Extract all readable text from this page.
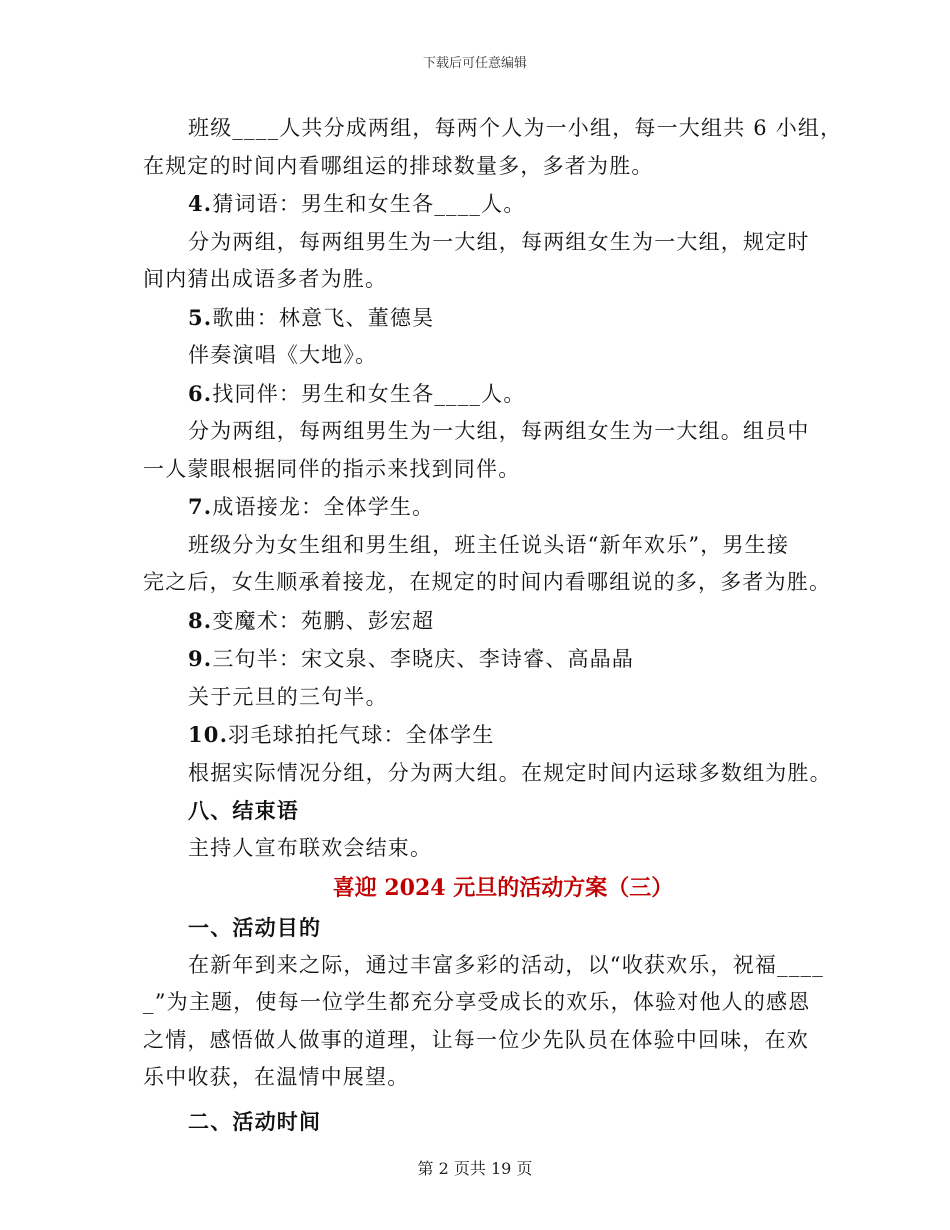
下载后可任意编辑
班级____人共分成两组，每两个人为一小组，每一大组共 6 小组，
在规定的时间内看哪组运的排球数量多，多者为胜。
4.猜词语：男生和女生各____人。
分为两组，每两组男生为一大组，每两组女生为一大组，规定时
间内猜出成语多者为胜。
5.歌曲：林意飞、董德昊
伴奏演唱《大地》。
6.找同伴：男生和女生各____人。
分为两组，每两组男生为一大组，每两组女生为一大组。组员中
一人蒙眼根据同伴的指示来找到同伴。
7.成语接龙：全体学生。
班级分为女生组和男生组，班主任说头语“新年欢乐”，男生接
完之后，女生顺承着接龙，在规定的时间内看哪组说的多，多者为胜。
8.变魔术：苑鹏、彭宏超
9.三句半：宋文泉、李晓庆、李诗睿、高晶晶
关于元旦的三句半。
10.羽毛球拍托气球：全体学生
根据实际情况分组，分为两大组。在规定时间内运球多数组为胜。
八、结束语
主持人宣布联欢会结束。
喜迎 2024 元旦的活动方案（三）
一、活动目的
在新年到来之际，通过丰富多彩的活动，以“收获欢乐，祝福____
_”为主题，使每一位学生都充分享受成长的欢乐，体验对他人的感恩
之情，感悟做人做事的道理，让每一位少先队员在体验中回味，在欢
乐中收获，在温情中展望。
二、活动时间
第 2 页共 19 页
